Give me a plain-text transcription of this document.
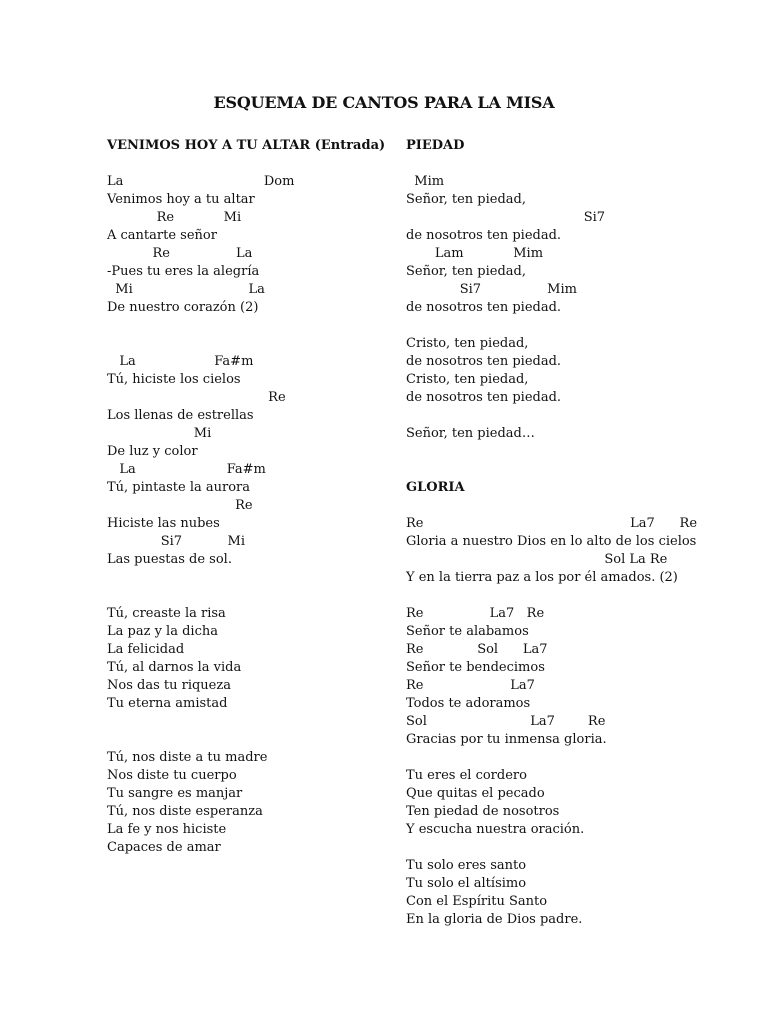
ESQUEMA DE CANTOS PARA LA MISA
VENIMOS HOY A TU ALTAR (Entrada)
La                                  Dom
Venimos hoy a tu altar
Re            Mi
A cantarte señor
Re                La
-Pues tu eres la alegría
Mi                            La
De nuestro corazón (2)
La                   Fa#m
Tú, hiciste los cielos
Re
Los llenas de estrellas
Mi
De luz y color
La                      Fa#m
Tú, pintaste la aurora
Re
Hiciste las nubes
Si7           Mi
Las puestas de sol.
Tú, creaste la risa
La paz y la dicha
La felicidad
Tú, al darnos la vida
Nos das tu riqueza
Tu eterna amistad
Tú, nos diste a tu madre
Nos diste tu cuerpo
Tu sangre es manjar
Tú, nos diste esperanza
La fe y nos hiciste
Capaces de amar
PIEDAD
Mim
Señor, ten piedad,
Si7
de nosotros ten piedad.
Lam            Mim
Señor, ten piedad,
Si7                Mim
de nosotros ten piedad.
Cristo, ten piedad,
de nosotros ten piedad.
Cristo, ten piedad,
de nosotros ten piedad.
Señor, ten piedad…
GLORIA
Re                                                  La7      Re
Gloria a nuestro Dios en lo alto de los cielos
Sol La Re
Y en la tierra paz a los por él amados. (2)
Re                La7   Re
Señor te alabamos
Re             Sol      La7
Señor te bendecimos
Re                     La7
Todos te adoramos
Sol                         La7        Re
Gracias por tu inmensa gloria.
Tu eres el cordero
Que quitas el pecado
Ten piedad de nosotros
Y escucha nuestra oración.
Tu solo eres santo
Tu solo el altísimo
Con el Espíritu Santo
En la gloria de Dios padre.
